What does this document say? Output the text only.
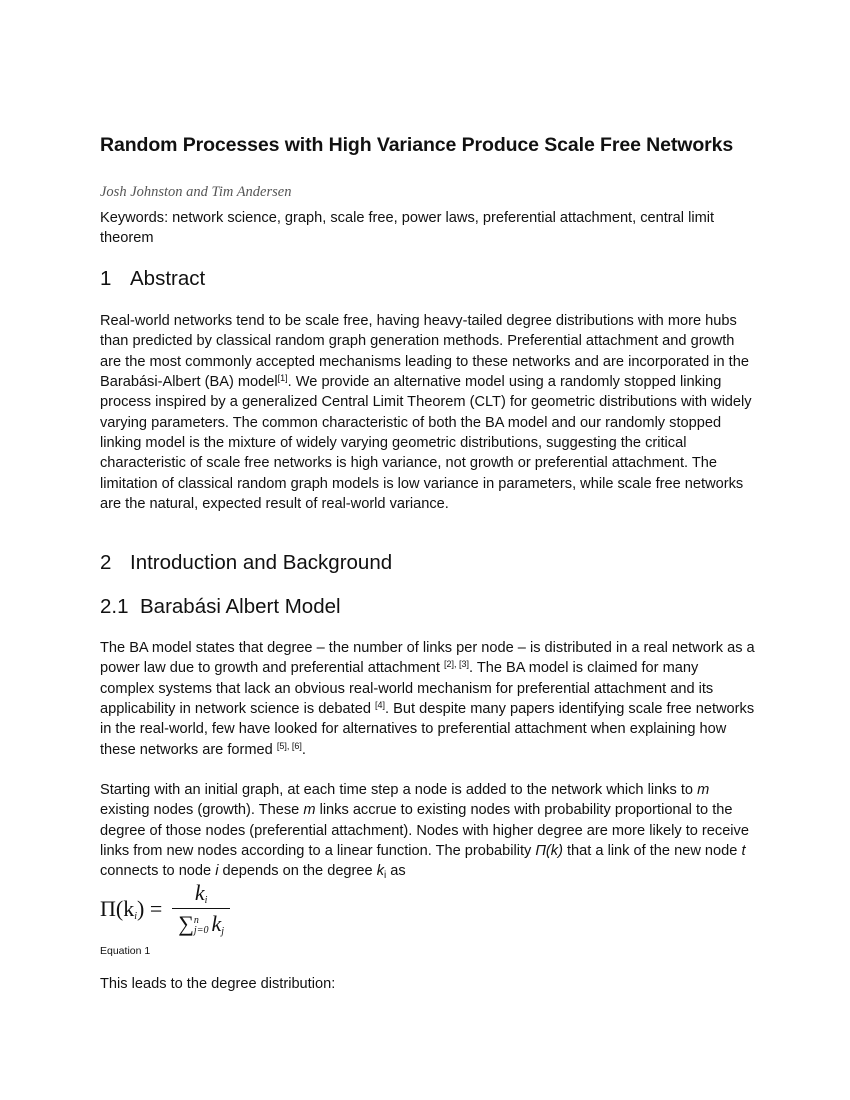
Random Processes with High Variance Produce Scale Free Networks
Josh Johnston and Tim Andersen
Keywords: network science, graph, scale free, power laws, preferential attachment, central limit theorem
1 Abstract
Real-world networks tend to be scale free, having heavy-tailed degree distributions with more hubs than predicted by classical random graph generation methods. Preferential attachment and growth are the most commonly accepted mechanisms leading to these networks and are incorporated in the Barabási-Albert (BA) model[1]. We provide an alternative model using a randomly stopped linking process inspired by a generalized Central Limit Theorem (CLT) for geometric distributions with widely varying parameters. The common characteristic of both the BA model and our randomly stopped linking model is the mixture of widely varying geometric distributions, suggesting the critical characteristic of scale free networks is high variance, not growth or preferential attachment. The limitation of classical random graph models is low variance in parameters, while scale free networks are the natural, expected result of real-world variance.
2 Introduction and Background
2.1 Barabási Albert Model
The BA model states that degree – the number of links per node – is distributed in a real network as a power law due to growth and preferential attachment [2], [3]. The BA model is claimed for many complex systems that lack an obvious real-world mechanism for preferential attachment and its applicability in network science is debated [4]. But despite many papers identifying scale free networks in the real-world, few have looked for alternatives to preferential attachment when explaining how these networks are formed [5], [6].
Starting with an initial graph, at each time step a node is added to the network which links to m existing nodes (growth). These m links accrue to existing nodes with probability proportional to the degree of those nodes (preferential attachment). Nodes with higher degree are more likely to receive links from new nodes according to a linear function. The probability Π(k) that a link of the new node t connects to node i depends on the degree $k_i$ as
$\Pi(k_i) = k_i$
∑ n
j=0 $k_j$
Equation 1
This leads to the degree distribution:
